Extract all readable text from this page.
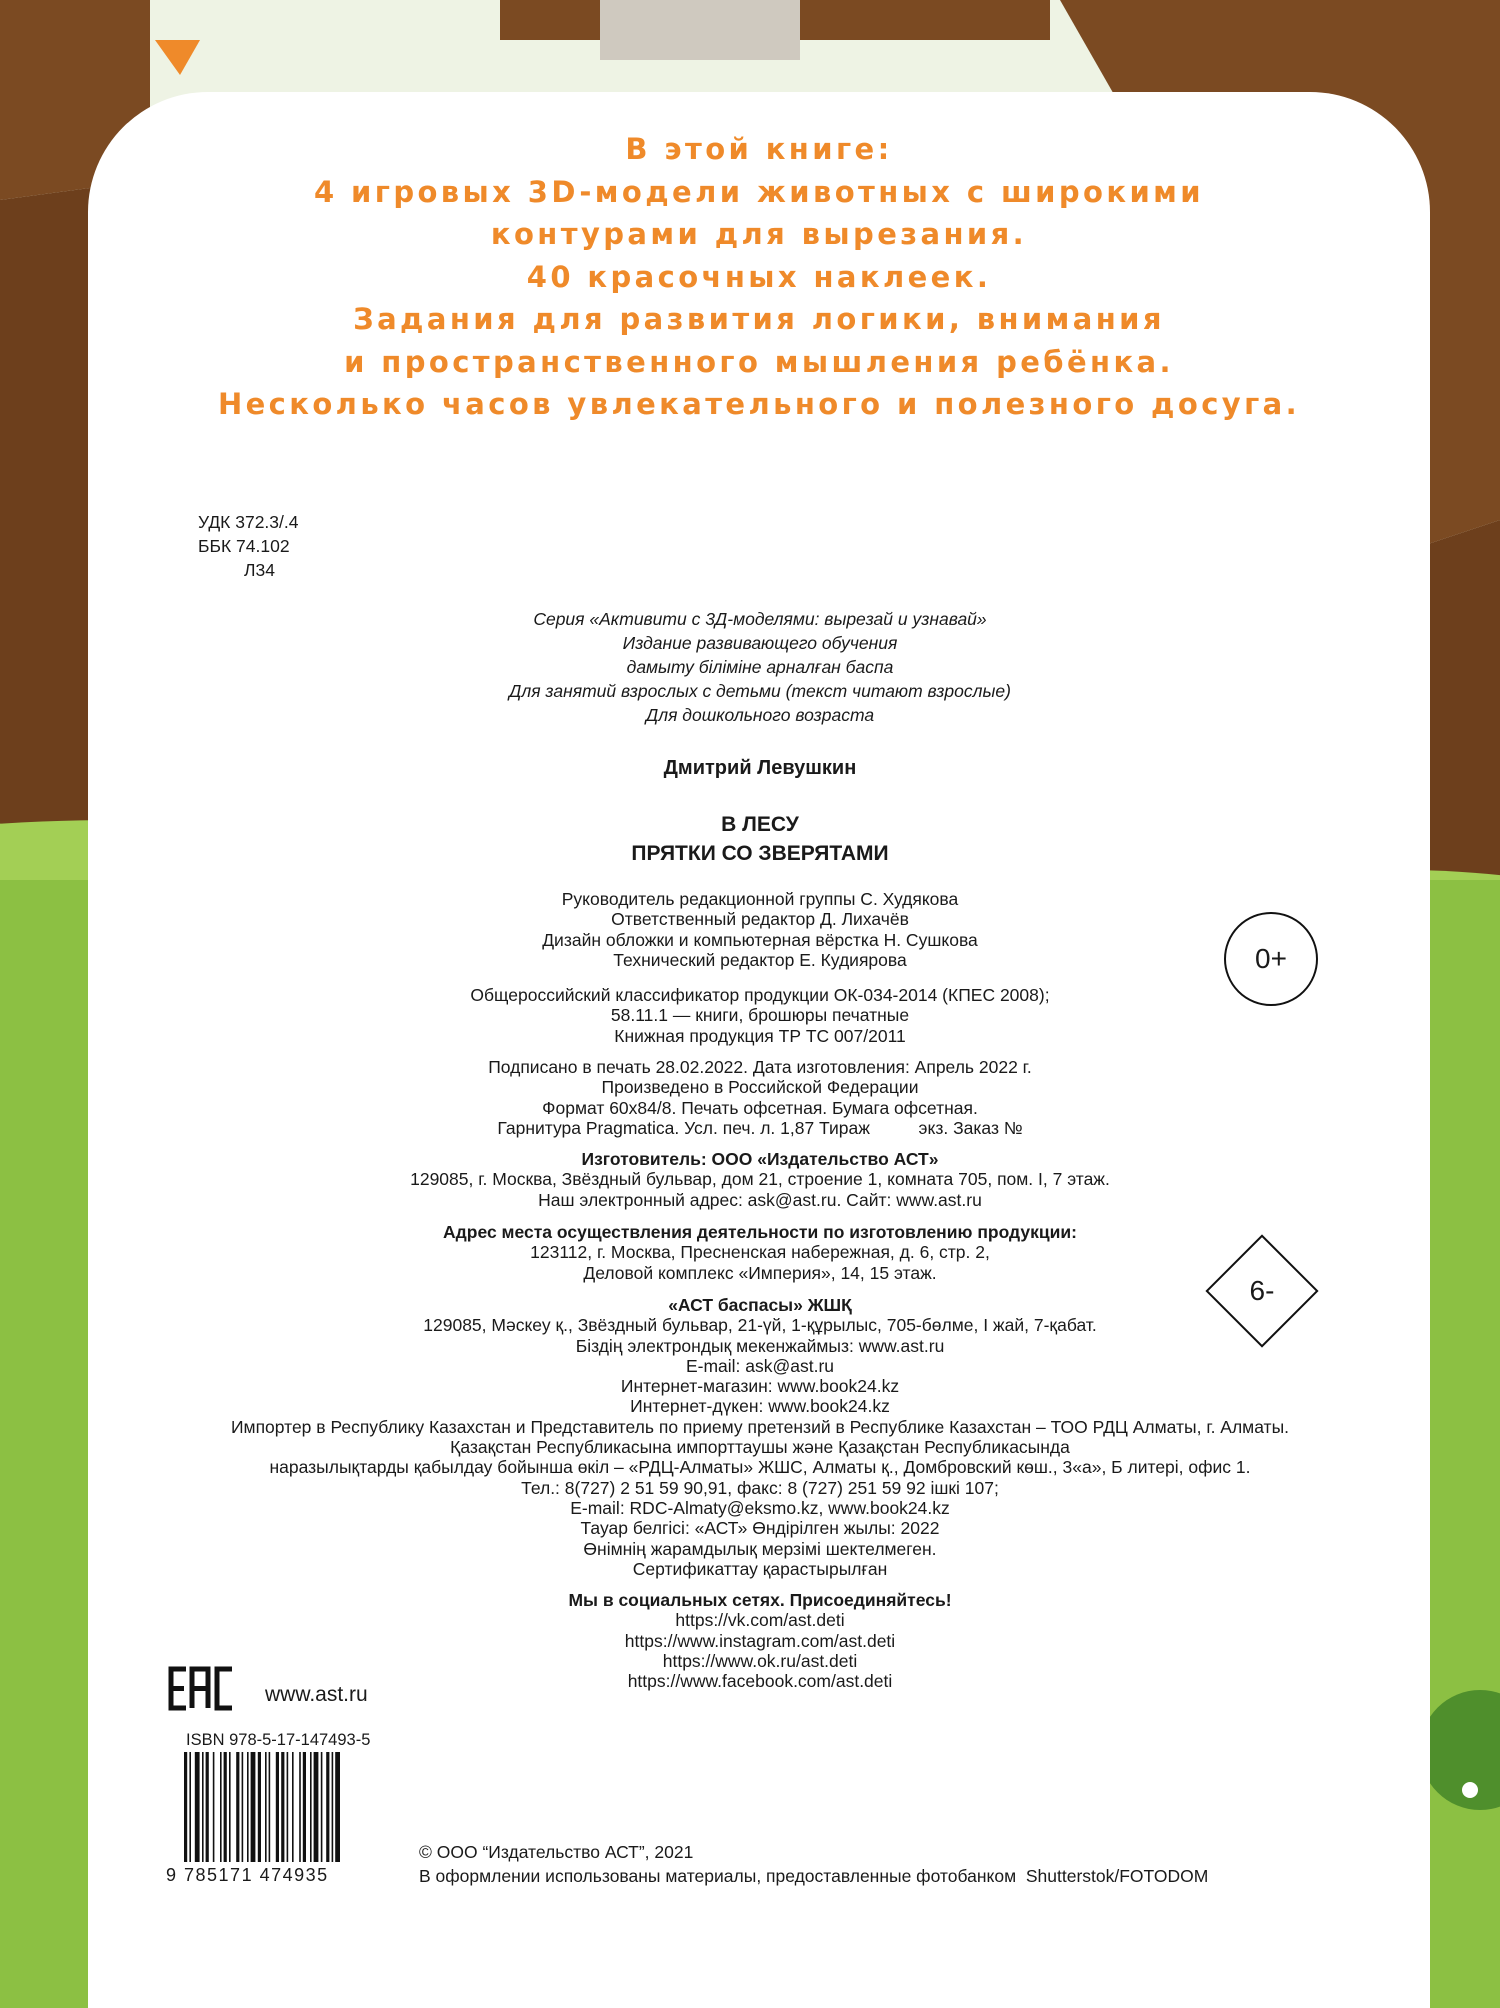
В этой книге:
4 игровых 3D-модели животных с широкими
контурами для вырезания.
40 красочных наклеек.
Задания для развития логики, внимания
и пространственного мышления ребёнка.
Несколько часов увлекательного и полезного досуга.
УДК 372.3/.4
ББК 74.102
Л34
Серия «Активити с 3Д-моделями: вырезай и узнавай»
Издание развивающего обучения
дамыту біліміне арналған баспа
Для занятий взрослых с детьми (текст читают взрослые)
Для дошкольного возраста
Дмитрий Левушкин
В ЛЕСУ
ПРЯТКИ СО ЗВЕРЯТАМИ
Руководитель редакционной группы С. Худякова
Ответственный редактор Д. Лихачёв
Дизайн обложки и компьютерная вёрстка Н. Сушкова
Технический редактор Е. Кудиярова
Общероссийский классификатор продукции ОК-034-2014 (КПЕС 2008);
58.11.1 — книги, брошюры печатные
Книжная продукция ТР ТС 007/2011
Подписано в печать 28.02.2022. Дата изготовления: Апрель 2022 г.
Произведено в Российской Федерации
Формат 60x84/8. Печать офсетная. Бумага офсетная.
Гарнитура Pragmatica. Усл. печ. л. 1,87 Тираж          экз. Заказ №
Изготовитель: ООО «Издательство АСТ»
129085, г. Москва, Звёздный бульвар, дом 21, строение 1, комната 705, пом. I, 7 этаж.
Наш электронный адрес: ask@ast.ru. Сайт: www.ast.ru
Адрес места осуществления деятельности по изготовлению продукции:
123112, г. Москва, Пресненская набережная, д. 6, стр. 2,
Деловой комплекс «Империя», 14, 15 этаж.
«АСТ баспасы» ЖШҚ
129085, Мәскеу қ., Звёздный бульвар, 21-үй, 1-құрылыс, 705-бөлме, I жай, 7-қабат.
Біздің электрондық мекенжаймыз: www.ast.ru
E-mail: ask@ast.ru
Интернет-магазин: www.book24.kz
Интернет-дүкен: www.book24.kz
Импортер в Республику Казахстан и Представитель по приему претензий в Республике Казахстан – ТОО РДЦ Алматы, г. Алматы.
Қазақстан Республикасына импорттаушы және Қазақстан Республикасында
наразылықтарды қабылдау бойынша өкіл – «РДЦ-Алматы» ЖШС, Алматы қ., Домбровский көш., 3«а», Б литері, офис 1.
Тел.: 8(727) 2 51 59 90,91, факс: 8 (727) 251 59 92 ішкі 107;
E-mail: RDC-Almaty@eksmo.kz, www.book24.kz
Тауар белгісі: «АСТ» Өндірілген жылы: 2022
Өнімнің жарамдылық мерзімі шектелмеген.
Сертификаттау қарастырылған
Мы в социальных сетях. Присоединяйтесь!
https://vk.com/ast.deti
https://www.instagram.com/ast.deti
https://www.ok.ru/ast.deti
https://www.facebook.com/ast.deti
0+
6-
www.ast.ru
ISBN 978-5-17-147493-5
9 785171 474935
© ООО “Издательство АСТ”, 2021
В оформлении использованы материалы, предоставленные фотобанком  Shutterstok/FOTODOM
